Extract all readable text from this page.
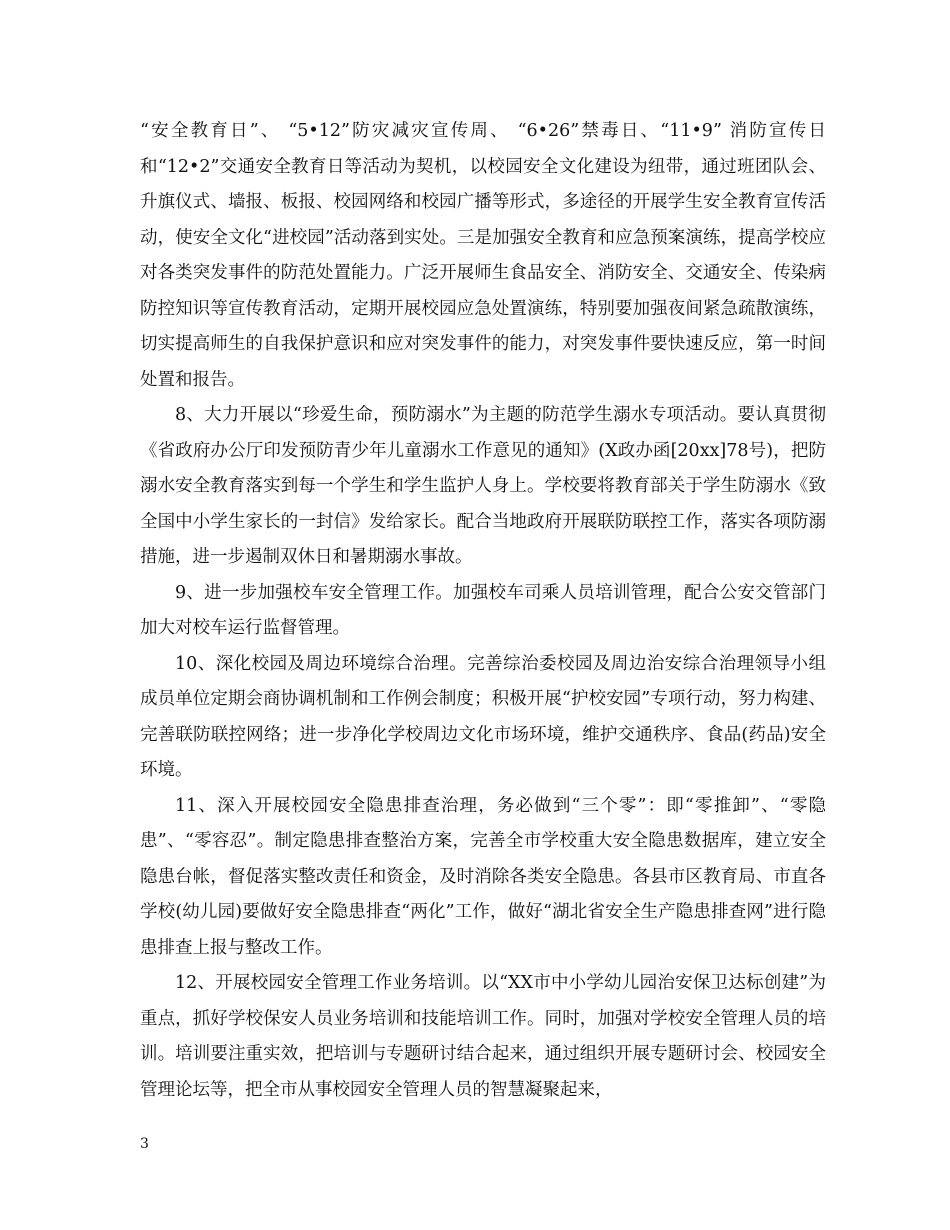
“安全教育日”、 “5•12”防灾减灾宣传周、 “6•26”禁毒日、“11•9” 消防宣传日和“12•2”交通安全教育日等活动为契机，以校园安全文化建设为纽带，通过班团队会、升旗仪式、墙报、板报、校园网络和校园广播等形式，多途径的开展学生安全教育宣传活动，使安全文化“进校园”活动落到实处。三是加强安全教育和应急预案演练，提高学校应对各类突发事件的防范处置能力。广泛开展师生食品安全、消防安全、交通安全、传染病防控知识等宣传教育活动，定期开展校园应急处置演练，特别要加强夜间紧急疏散演练，切实提高师生的自我保护意识和应对突发事件的能力，对突发事件要快速反应，第一时间处置和报告。

8、大力开展以“珍爱生命，预防溺水”为主题的防范学生溺水专项活动。要认真贯彻《省政府办公厅印发预防青少年儿童溺水工作意见的通知》(X政办函[20xx]78号)，把防溺水安全教育落实到每一个学生和学生监护人身上。学校要将教育部关于学生防溺水《致全国中小学生家长的一封信》发给家长。配合当地政府开展联防联控工作，落实各项防溺措施，进一步遏制双休日和暑期溺水事故。

9、进一步加强校车安全管理工作。加强校车司乘人员培训管理，配合公安交管部门加大对校车运行监督管理。

10、深化校园及周边环境综合治理。完善综治委校园及周边治安综合治理领导小组成员单位定期会商协调机制和工作例会制度；积极开展“护校安园”专项行动，努力构建、完善联防联控网络；进一步净化学校周边文化市场环境，维护交通秩序、食品(药品)安全环境。

11、深入开展校园安全隐患排查治理，务必做到“三个零”：即“零推卸”、“零隐患”、“零容忍”。制定隐患排查整治方案，完善全市学校重大安全隐患数据库，建立安全隐患台帐，督促落实整改责任和资金，及时消除各类安全隐患。各县市区教育局、市直各学校(幼儿园)要做好安全隐患排查“两化”工作，做好“湖北省安全生产隐患排查网”进行隐患排查上报与整改工作。

12、开展校园安全管理工作业务培训。以“XX市中小学幼儿园治安保卫达标创建”为重点，抓好学校保安人员业务培训和技能培训工作。同时，加强对学校安全管理人员的培训。培训要注重实效，把培训与专题研讨结合起来，通过组织开展专题研讨会、校园安全管理论坛等，把全市从事校园安全管理人员的智慧凝聚起来，

3
